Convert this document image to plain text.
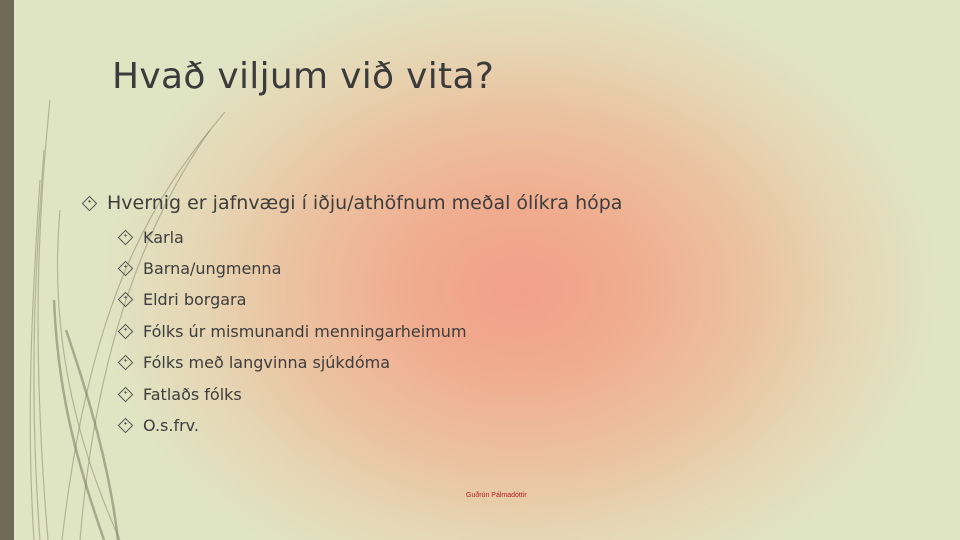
Hvað viljum við vita?
Hvernig er jafnvægi í iðju/athöfnum meðal ólíkra hópa
Karla
Barna/ungmenna
Eldri borgara
Fólks úr mismunandi menningarheimum
Fólks með langvinna sjúkdóma
Fatlaðs fólks
O.s.frv.
Guðrún Pálmadóttir
